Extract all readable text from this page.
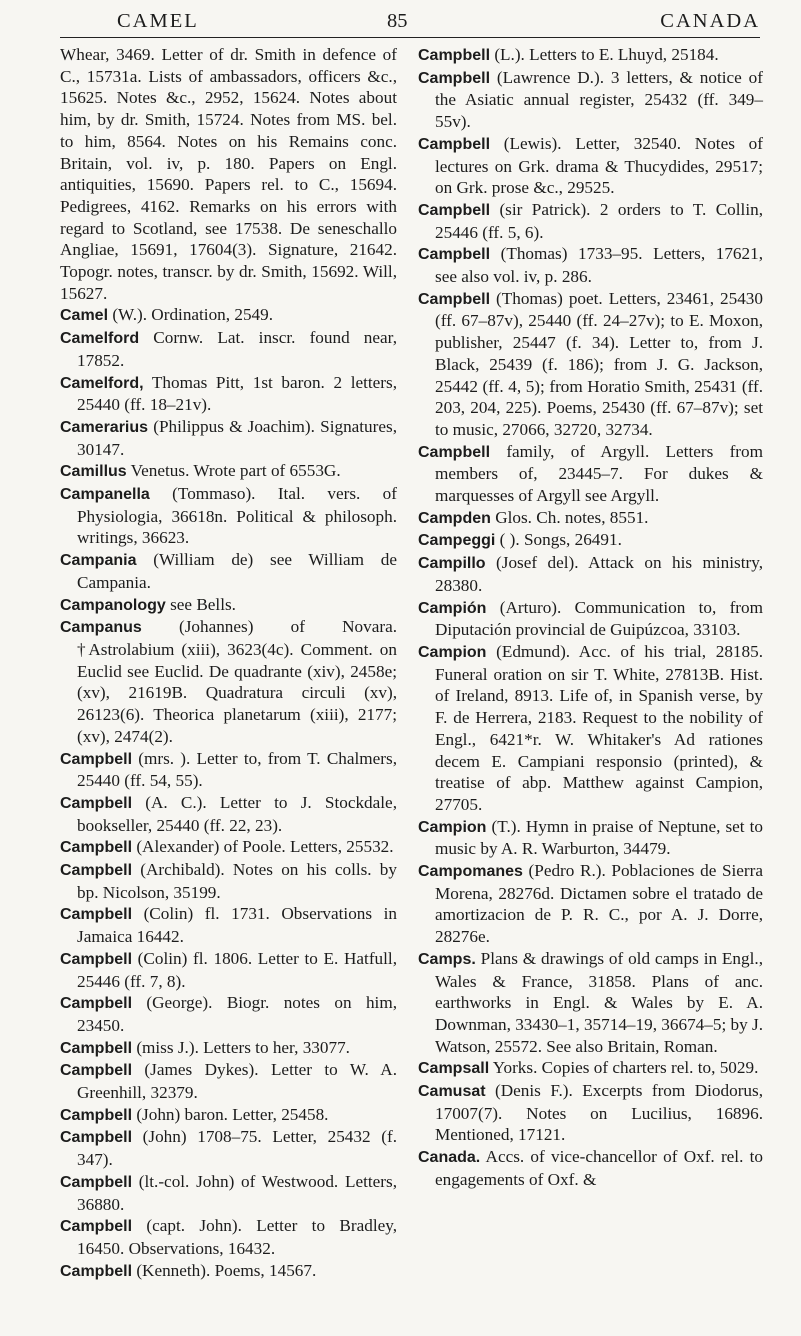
CAMEL	85	CANADA

Whear, 3469. Letter of dr. Smith in defence of C., 15731a. Lists of ambassadors, officers &c., 15625. Notes &c., 2952, 15624. Notes about him, by dr. Smith, 15724. Notes from MS. bel. to him, 8564. Notes on his Remains conc. Britain, vol. iv, p. 180. Papers on Engl. antiquities, 15690. Papers rel. to C., 15694. Pedigrees, 4162. Remarks on his errors with regard to Scotland, see 17538. De seneschallo Angliae, 15691, 17604(3). Signature, 21642. Topogr. notes, transcr. by dr. Smith, 15692. Will, 15627.

Camel (W.). Ordination, 2549.

Camelford Cornw. Lat. inscr. found near, 17852.

Camelford, Thomas Pitt, 1st baron. 2 letters, 25440 (ff. 18–21v).

Camerarius (Philippus & Joachim). Signatures, 30147.

Camillus Venetus. Wrote part of 6553G.

Campanella (Tommaso). Ital. vers. of Physiologia, 36618n. Political & philosoph. writings, 36623.

Campania (William de) see William de Campania.

Campanology see Bells.

Campanus (Johannes) of Novara. †Astrolabium (xiii), 3623(4c). Comment. on Euclid see Euclid. De quadrante (xiv), 2458e; (xv), 21619B. Quadratura circuli (xv), 26123(6). Theorica planetarum (xiii), 2177; (xv), 2474(2).

Campbell (mrs. ). Letter to, from T. Chalmers, 25440 (ff. 54, 55).

Campbell (A. C.). Letter to J. Stockdale, bookseller, 25440 (ff. 22, 23).

Campbell (Alexander) of Poole. Letters, 25532.

Campbell (Archibald). Notes on his colls. by bp. Nicolson, 35199.

Campbell (Colin) fl. 1731. Observations in Jamaica 16442.

Campbell (Colin) fl. 1806. Letter to E. Hatfull, 25446 (ff. 7, 8).

Campbell (George). Biogr. notes on him, 23450.

Campbell (miss J.). Letters to her, 33077.

Campbell (James Dykes). Letter to W. A. Greenhill, 32379.

Campbell (John) baron. Letter, 25458.

Campbell (John) 1708–75. Letter, 25432 (f. 347).

Campbell (lt.-col. John) of Westwood. Letters, 36880.

Campbell (capt. John). Letter to Bradley, 16450. Observations, 16432.

Campbell (Kenneth). Poems, 14567.

Campbell (L.). Letters to E. Lhuyd, 25184.

Campbell (Lawrence D.). 3 letters, & notice of the Asiatic annual register, 25432 (ff. 349–55v).

Campbell (Lewis). Letter, 32540. Notes of lectures on Grk. drama & Thucydides, 29517; on Grk. prose &c., 29525.

Campbell (sir Patrick). 2 orders to T. Collin, 25446 (ff. 5, 6).

Campbell (Thomas) 1733–95. Letters, 17621, see also vol. iv, p. 286.

Campbell (Thomas) poet. Letters, 23461, 25430 (ff. 67–87v), 25440 (ff. 24–27v); to E. Moxon, publisher, 25447 (f. 34). Letter to, from J. Black, 25439 (f. 186); from J. G. Jackson, 25442 (ff. 4, 5); from Horatio Smith, 25431 (ff. 203, 204, 225). Poems, 25430 (ff. 67–87v); set to music, 27066, 32720, 32734.

Campbell family, of Argyll. Letters from members of, 23445–7. For dukes & marquesses of Argyll see Argyll.

Campden Glos. Ch. notes, 8551.

Campeggi ( ). Songs, 26491.

Campillo (Josef del). Attack on his ministry, 28380.

Campión (Arturo). Communication to, from Diputación provincial de Guipúzcoa, 33103.

Campion (Edmund). Acc. of his trial, 28185. Funeral oration on sir T. White, 27813B. Hist. of Ireland, 8913. Life of, in Spanish verse, by F. de Herrera, 2183. Request to the nobility of Engl., 6421*r. W. Whitaker's Ad rationes decem E. Campiani responsio (printed), & treatise of abp. Matthew against Campion, 27705.

Campion (T.). Hymn in praise of Neptune, set to music by A. R. Warburton, 34479.

Campomanes (Pedro R.). Poblaciones de Sierra Morena, 28276d. Dictamen sobre el tratado de amortizacion de P. R. C., por A. J. Dorre, 28276e.

Camps. Plans & drawings of old camps in Engl., Wales & France, 31858. Plans of anc. earthworks in Engl. & Wales by E. A. Downman, 33430–1, 35714–19, 36674–5; by J. Watson, 25572. See also Britain, Roman.

Campsall Yorks. Copies of charters rel. to, 5029.

Camusat (Denis F.). Excerpts from Diodorus, 17007(7). Notes on Lucilius, 16896. Mentioned, 17121.

Canada. Accs. of vice-chancellor of Oxf. rel. to engagements of Oxf. &
